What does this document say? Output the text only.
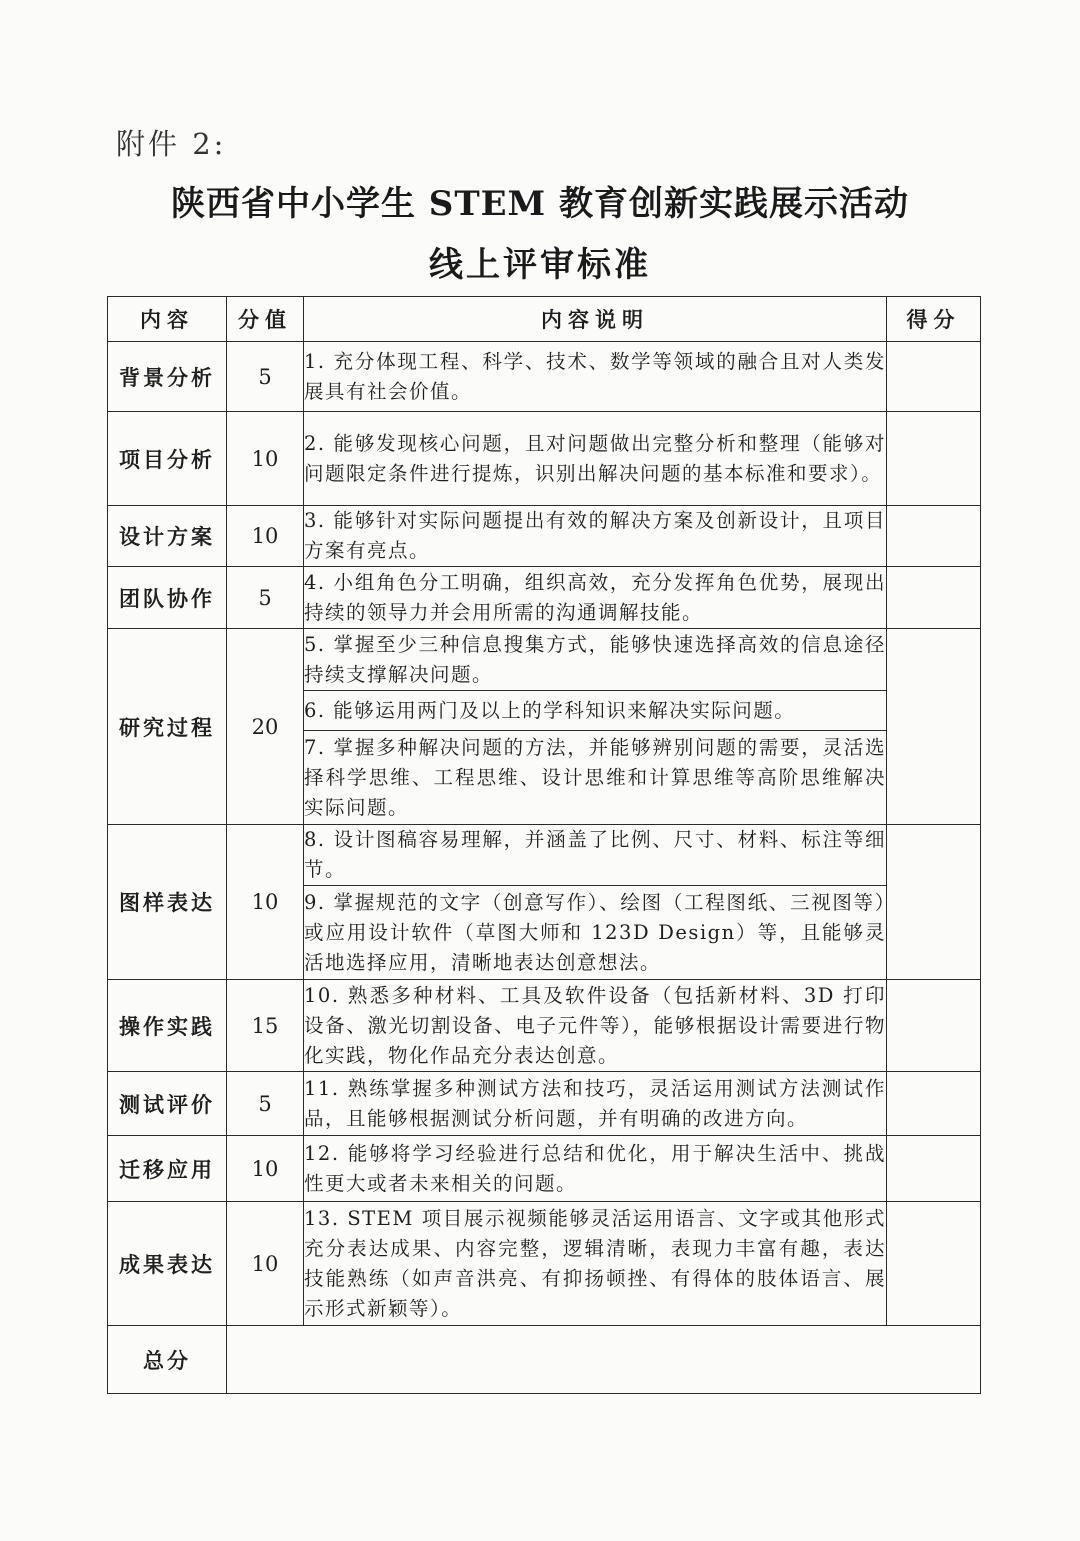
附件 2:
陕西省中小学生 STEM 教育创新实践展示活动
线上评审标准
内容	分值	内容说明	得分
背景分析	5	1. 充分体现工程、科学、技术、数学等领域的融合且对人类发展具有社会价值。	
项目分析	10	2. 能够发现核心问题，且对问题做出完整分析和整理（能够对问题限定条件进行提炼，识别出解决问题的基本标准和要求）。	
设计方案	10	3. 能够针对实际问题提出有效的解决方案及创新设计，且项目方案有亮点。	
团队协作	5	4. 小组角色分工明确，组织高效，充分发挥角色优势，展现出持续的领导力并会用所需的沟通调解技能。	
研究过程	20	5. 掌握至少三种信息搜集方式，能够快速选择高效的信息途径持续支撑解决问题。	
		6. 能够运用两门及以上的学科知识来解决实际问题。	
		7. 掌握多种解决问题的方法，并能够辨别问题的需要，灵活选择科学思维、工程思维、设计思维和计算思维等高阶思维解决实际问题。	
图样表达	10	8. 设计图稿容易理解，并涵盖了比例、尺寸、材料、标注等细节。	
		9. 掌握规范的文字（创意写作）、绘图（工程图纸、三视图等）或应用设计软件（草图大师和 123D Design）等，且能够灵活地选择应用，清晰地表达创意想法。	
操作实践	15	10. 熟悉多种材料、工具及软件设备（包括新材料、3D 打印设备、激光切割设备、电子元件等），能够根据设计需要进行物化实践，物化作品充分表达创意。	
测试评价	5	11. 熟练掌握多种测试方法和技巧，灵活运用测试方法测试作品，且能够根据测试分析问题，并有明确的改进方向。	
迁移应用	10	12. 能够将学习经验进行总结和优化，用于解决生活中、挑战性更大或者未来相关的问题。	
成果表达	10	13. STEM 项目展示视频能够灵活运用语言、文字或其他形式充分表达成果、内容完整，逻辑清晰，表现力丰富有趣，表达技能熟练（如声音洪亮、有抑扬顿挫、有得体的肢体语言、展示形式新颖等）。	
总分			
